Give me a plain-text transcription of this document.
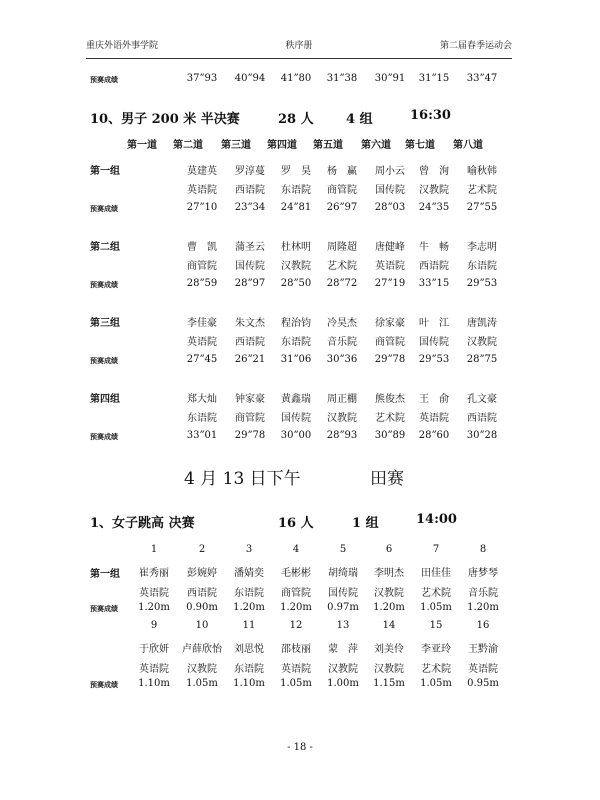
重庆外语外事学院	秩序册	第二届春季运动会
预赛成绩	37”93	40”94	41”80	31”38	30”91	31”15	33”47
10、男子 200 米 半决赛	28 人 4 组	16:30
第一道	第二道	第三道	第四道	第五道	第六道	第七道	第八道
第一组	莫建英	罗淳蔓	罗　昊	杨　赢	周小云	曾　洵	喻秋韩
英语院	西语院	东语院	商管院	国传院	汉教院	艺术院
预赛成绩	27”10	23”34	24”81	26”97	28”03	24”35	27”55
第二组	曹　凯	蒲圣云	杜林明	周隆超	唐健峰	牛　畅	李志明
商管院	国传院	汉教院	艺术院	英语院	西语院	东语院
预赛成绩	28”59	28”97	28”50	28”72	27”19	33”15	29”53
第三组	李佳豪	朱文杰	程治钧	冷昊杰	徐家豪	叶　江	唐凯涛
英语院	西语院	东语院	音乐院	商管院	国传院	汉教院
预赛成绩	27”45	26”21	31”06	30”36	29”78	29”53	28”75
第四组	郑大灿	钟家豪	黄鑫瑞	周正棚	熊俊杰	王　俞	孔文豪
东语院	商管院	国传院	汉教院	艺术院	英语院	西语院
预赛成绩	33”01	29”78	30”00	28”93	30”89	28”60	30”28
4 月 13 日下午	田赛
1、女子跳高 决赛	16 人	1 组	14:00
第一组
1	2	3	4	5	6	7	8
崔秀丽	彭婉婷	潘婧奕	毛彬彬	胡绮瑞	李明杰	田佳佳	唐梦琴
英语院	西语院	东语院	商管院	国传院	汉教院	艺术院	音乐院
预赛成绩	1.20m	0.90m	1.20m	1.20m	0.97m	1.20m	1.05m	1.20m
9	10	11	12	13	14	15	16
于欣妍	卢薛欣怡	刘思悦	邵枝丽	蒙　萍	刘美伶	李亚玲	王黔渝
英语院	汉教院	东语院	英语院	汉教院	汉教院	艺术院	英语院
预赛成绩	1.10m	1.05m	1.10m	1.05m	1.00m	1.15m	1.05m	0.95m
- 18 -
